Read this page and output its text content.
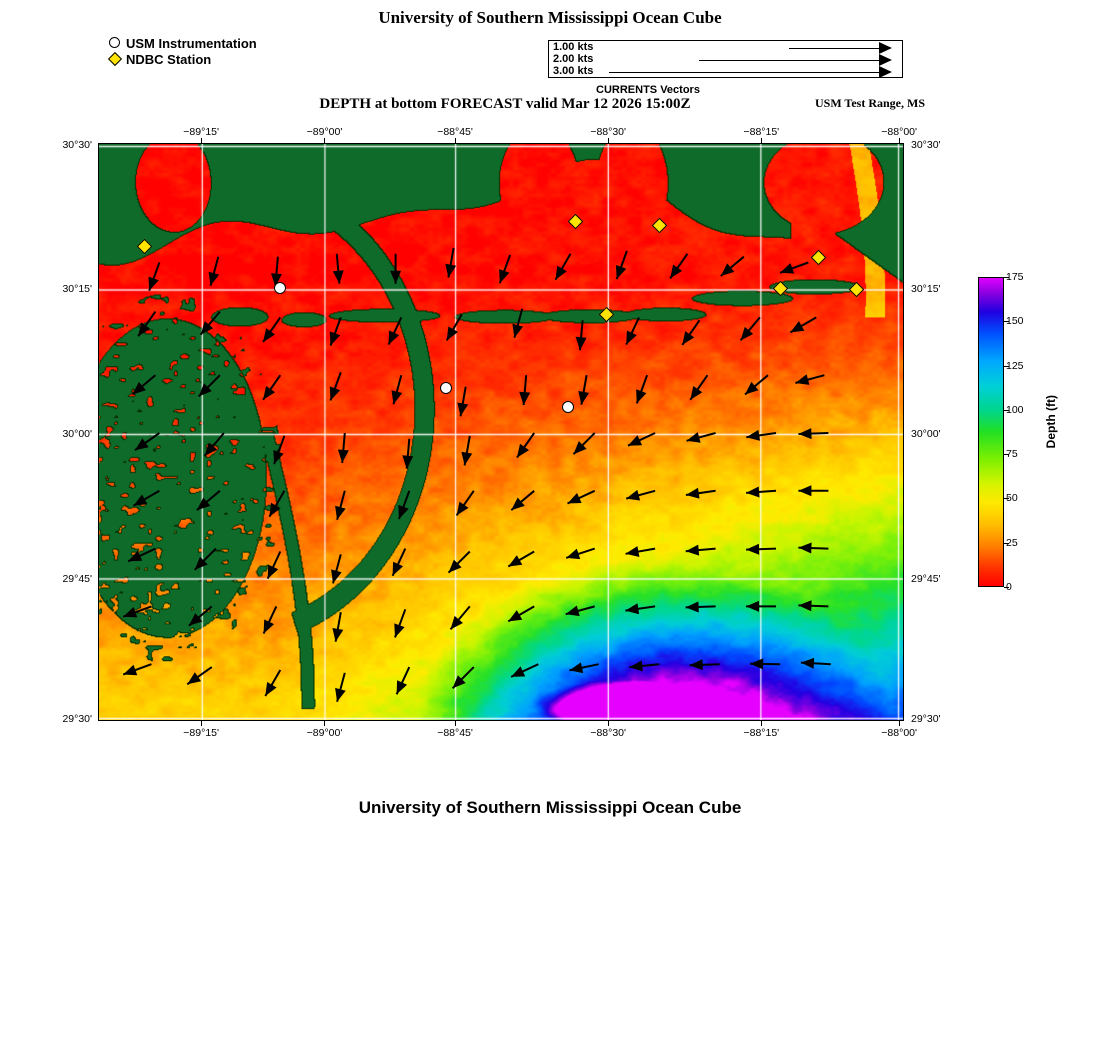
University of Southern Mississippi Ocean Cube
USM Instrumentation
NDBC Station
1.00 kts
2.00 kts
3.00 kts
CURRENTS Vectors
DEPTH at bottom FORECAST valid Mar 12 2026 15:00Z	USM Test Range, MS
−89°15'
−89°15'
−89°00'
−89°00'
−88°45'
−88°45'
−88°30'
−88°30'
−88°15'
−88°15'
−88°00'
−88°00'
30°30'	30°30'
30°15'	30°15'
30°00'	30°00'
29°45'	29°45'
29°30'	29°30'
Depth (ft)
0
25
50
75
100
125
150
175
University of Southern Mississippi Ocean Cube
